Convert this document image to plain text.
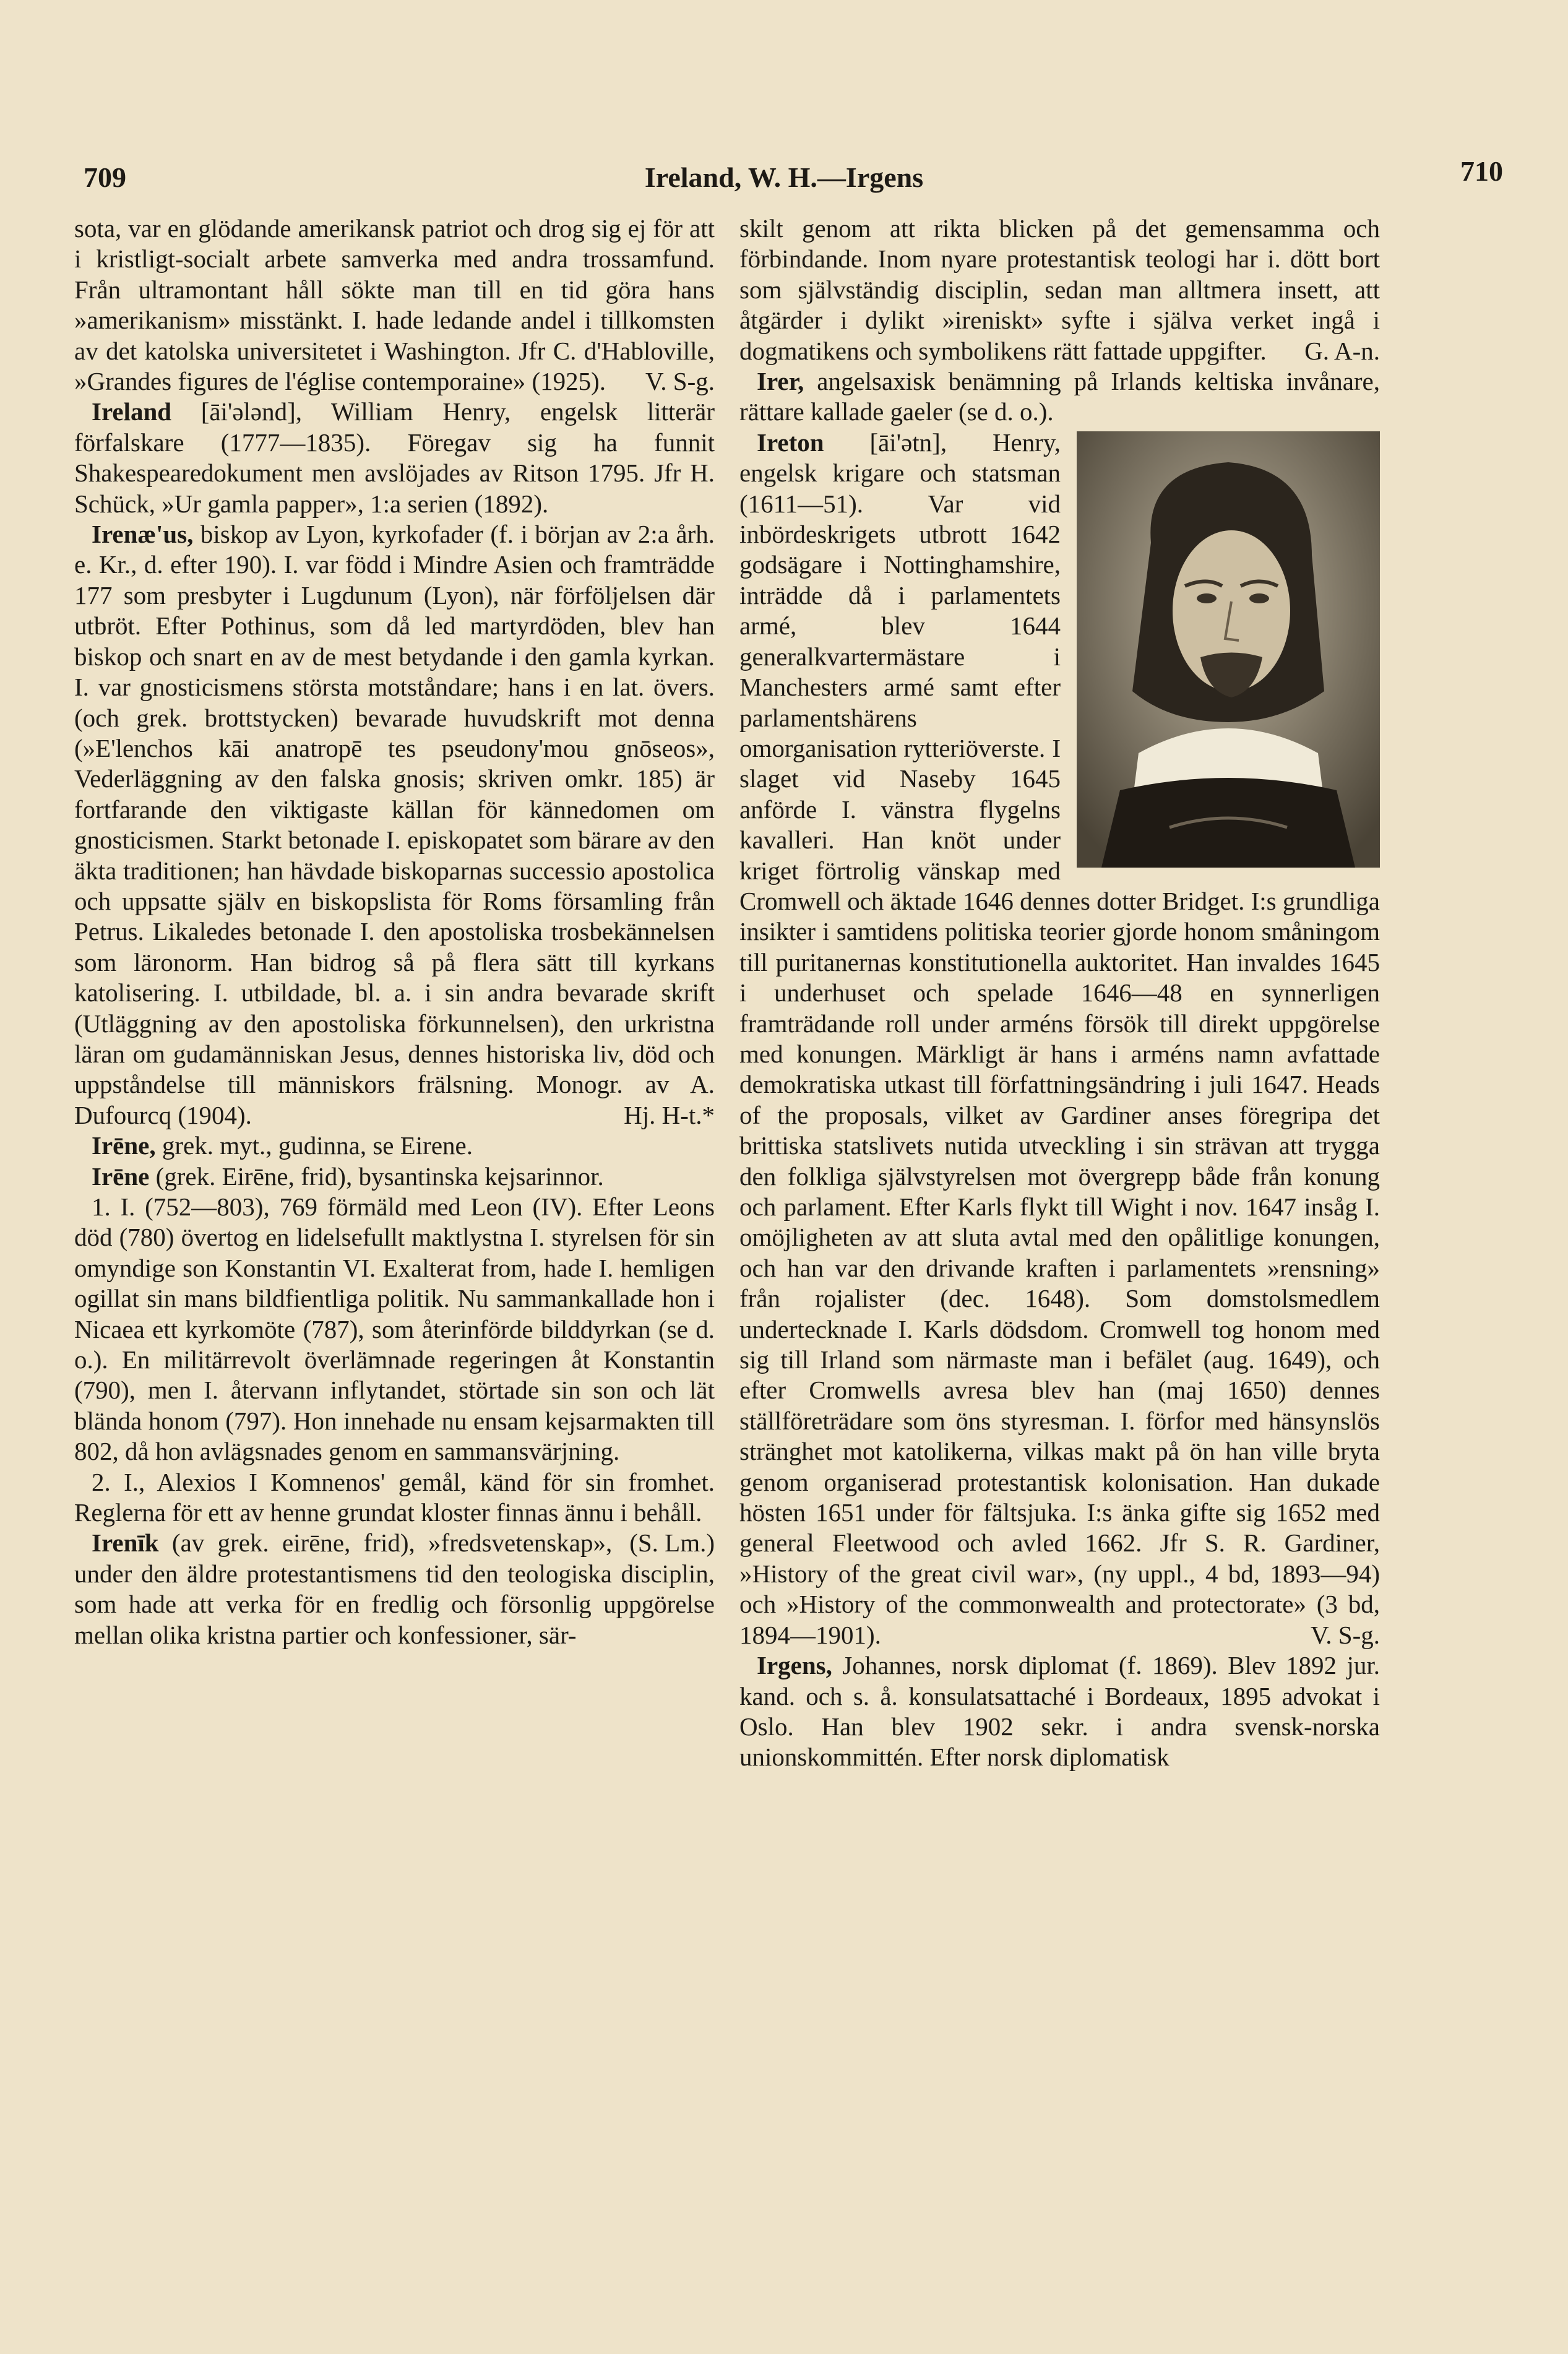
709	Ireland, W. H.—Irgens	710

sota, var en glödande amerikansk patriot och drog sig ej för att i kristligt-socialt arbete samverka med andra trossamfund. Från ultramontant håll sökte man till en tid göra hans »amerikanism» misstänkt. I. hade ledande andel i tillkomsten av det katolska universitetet i Washington. Jfr C. d'Habloville, »Grandes figures de l'église contemporaine» (1925). V. S-g.

Ireland [āi'ələnd], William Henry, engelsk litterär förfalskare (1777—1835). Föregav sig ha funnit Shakespearedokument men avslöjades av Ritson 1795. Jfr H. Schück, »Ur gamla papper», 1:a serien (1892).

Irenæ'us, biskop av Lyon, kyrkofader (f. i början av 2:a årh. e. Kr., d. efter 190). I. var född i Mindre Asien och framträdde 177 som presbyter i Lugdunum (Lyon), när förföljelsen där utbröt. Efter Pothinus, som då led martyrdöden, blev han biskop och snart en av de mest betydande i den gamla kyrkan. I. var gnosticismens största motståndare; hans i en lat. övers. (och grek. brottstycken) bevarade huvudskrift mot denna (»E'lenchos kāi anatropē tes pseudony'mou gnōseos», Vederläggning av den falska gnosis; skriven omkr. 185) är fortfarande den viktigaste källan för kännedomen om gnosticismen. Starkt betonade I. episkopatet som bärare av den äkta traditionen; han hävdade biskoparnas successio apostolica och uppsatte själv en biskopslista för Roms församling från Petrus. Likaledes betonade I. den apostoliska trosbekännelsen som läronorm. Han bidrog så på flera sätt till kyrkans katolisering. I. utbildade, bl. a. i sin andra bevarade skrift (Utläggning av den apostoliska förkunnelsen), den urkristna läran om gudamänniskan Jesus, dennes historiska liv, död och uppståndelse till människors frälsning. Monogr. av A. Dufourcq (1904).	Hj. H-t.*

Irēne, grek. myt., gudinna, se Eirene.

Irēne (grek. Eirēne, frid), bysantinska kejsarinnor.

1. I. (752—803), 769 förmäld med Leon (IV). Efter Leons död (780) övertog en lidelsefullt maktlystna I. styrelsen för sin omyndige son Konstantin VI. Exalterat from, hade I. hemligen ogillat sin mans bildfientliga politik. Nu sammankallade hon i Nicaea ett kyrkomöte (787), som återinförde bilddyrkan (se d. o.). En militärrevolt överlämnade regeringen åt Konstantin (790), men I. återvann inflytandet, störtade sin son och lät blända honom (797). Hon innehade nu ensam kejsarmakten till 802, då hon avlägsnades genom en sammansvärjning.

2. I., Alexios I Komnenos' gemål, känd för sin fromhet. Reglerna för ett av henne grundat kloster finnas ännu i behåll.
(S. Lm.)

Irenīk (av grek. eirēne, frid), »fredsvetenskap», under den äldre protestantismens tid den teologiska disciplin, som hade att verka för en fredlig och försonlig uppgörelse mellan olika kristna partier och konfessioner, sär-

skilt genom att rikta blicken på det gemensamma och förbindande. Inom nyare protestantisk teologi har i. dött bort som självständig disciplin, sedan man alltmera insett, att åtgärder i dylikt »ireniskt» syfte i själva verket ingå i dogmatikens och symbolikens rätt fattade uppgifter. G. A-n.

Irer, angelsaxisk benämning på Irlands keltiska invånare, rättare kallade gaeler (se d. o.).

Ireton [āi'ətn], Henry, engelsk krigare och statsman (1611—51). Var vid inbördeskrigets utbrott 1642 godsägare i Nottinghamshire, inträdde då i parlamentets armé, blev 1644 generalkvartermästare i Manchesters armé samt efter parlamentshärens omorganisation rytteriöverste. I slaget vid Naseby 1645 anförde I. vänstra flygelns kavalleri. Han knöt under kriget förtrolig vänskap med Cromwell och äktade 1646 dennes dotter Bridget. I:s grundliga insikter i samtidens politiska teorier gjorde honom småningom till puritanernas konstitutionella auktoritet. Han invaldes 1645 i underhuset och spelade 1646—48 en synnerligen framträdande roll under arméns försök till direkt uppgörelse med konungen. Märkligt är hans i arméns namn avfattade demokratiska utkast till författningsändring i juli 1647. Heads of the proposals, vilket av Gardiner anses föregripa det brittiska statslivets nutida utveckling i sin strävan att trygga den folkliga självstyrelsen mot övergrepp både från konung och parlament. Efter Karls flykt till Wight i nov. 1647 insåg I. omöjligheten av att sluta avtal med den opålitlige konungen, och han var den drivande kraften i parlamentets »rensning» från rojalister (dec. 1648). Som domstolsmedlem undertecknade I. Karls dödsdom. Cromwell tog honom med sig till Irland som närmaste man i befälet (aug. 1649), och efter Cromwells avresa blev han (maj 1650) dennes ställföreträdare som öns styresman. I. förfor med hänsynslös stränghet mot katolikerna, vilkas makt på ön han ville bryta genom organiserad protestantisk kolonisation. Han dukade hösten 1651 under för fältsjuka. I:s änka gifte sig 1652 med general Fleetwood och avled 1662. Jfr S. R. Gardiner, »History of the great civil war», (ny uppl., 4 bd, 1893—94) och »History of the commonwealth and protectorate» (3 bd, 1894—1901).	V. S-g.

Irgens, Johannes, norsk diplomat (f. 1869). Blev 1892 jur. kand. och s. å. konsulatsattaché i Bordeaux, 1895 advokat i Oslo. Han blev 1902 sekr. i andra svensk-norska unionskommittén. Efter norsk diplomatisk
